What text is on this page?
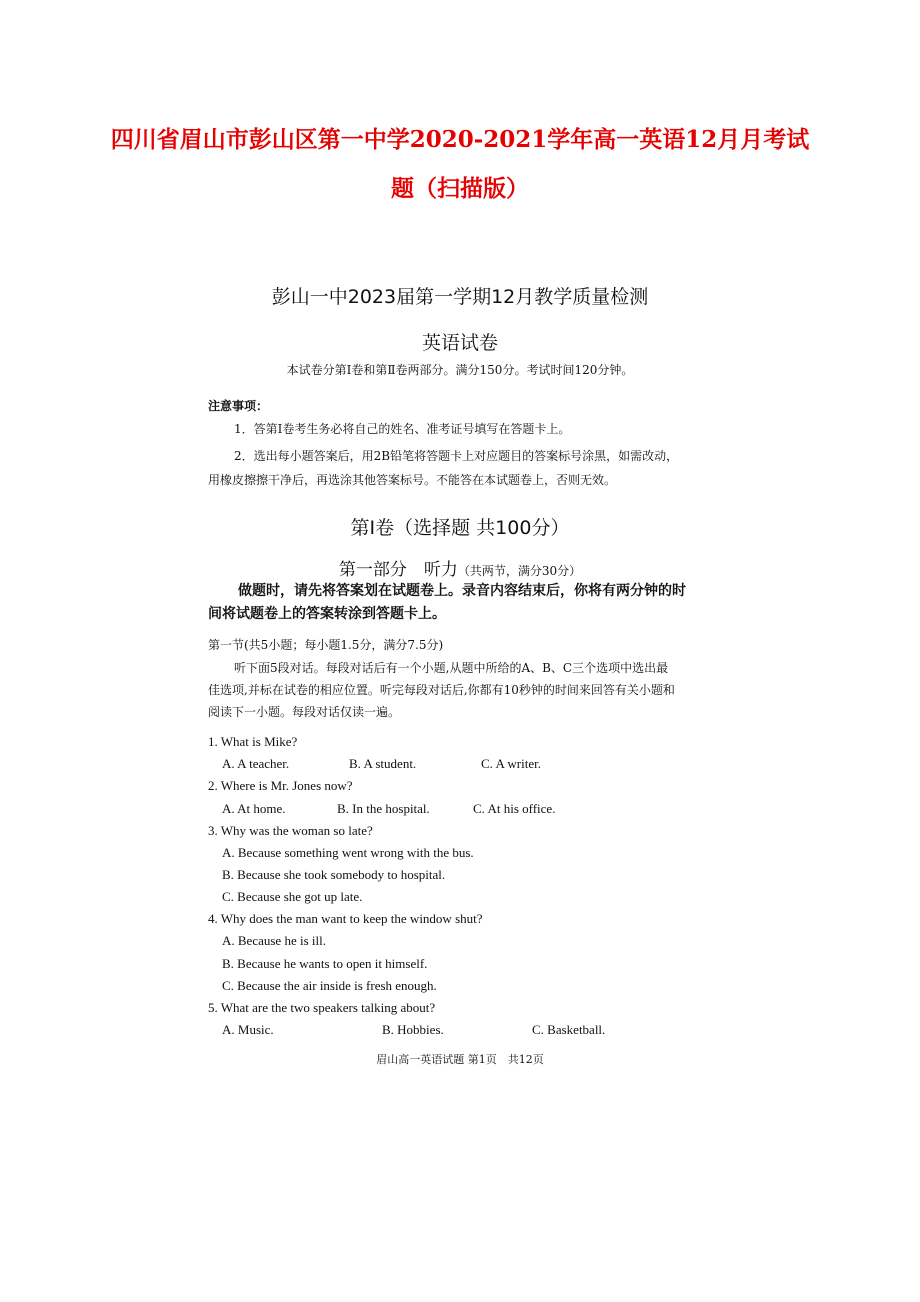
四川省眉山市彭山区第一中学2020-2021学年高一英语12月月考试
题（扫描版）
彭山一中2023届第一学期12月教学质量检测
英语试卷
本试卷分第Ⅰ卷和第Ⅱ卷两部分。满分150分。考试时间120分钟。
注意事项：
1．答第Ⅰ卷考生务必将自己的姓名、准考证号填写在答题卡上。
2．选出每小题答案后，用2B铅笔将答题卡上对应题目的答案标号涂黑，如需改动，
用橡皮擦擦干净后，再选涂其他答案标号。不能答在本试题卷上，否则无效。
第Ⅰ卷（选择题 共100分）
第一部分　听力（共两节，满分30分）
做题时，请先将答案划在试题卷上。录音内容结束后，你将有两分钟的时
间将试题卷上的答案转涂到答题卡上。
第一节(共5小题；每小题1.5分，满分7.5分)
听下面5段对话。每段对话后有一个小题,从题中所给的A、B、C三个选项中选出最
佳选项,并标在试卷的相应位置。听完每段对话后,你都有10秒钟的时间来回答有关小题和
阅读下一小题。每段对话仅读一遍。
1. What is Mike?
A. A teacher.	B. A student.	C. A writer.
2. Where is Mr. Jones now?
A. At home.	B. In the hospital.	C. At his office.
3. Why was the woman so late?
A. Because something went wrong with the bus.
B. Because she took somebody to hospital.
C. Because she got up late.
4. Why does the man want to keep the window shut?
A. Because he is ill.
B. Because he wants to open it himself.
C. Because the air inside is fresh enough.
5. What are the two speakers talking about?
A. Music.	B. Hobbies.	C. Basketball.
眉山高一英语试题 第1页　共12页
